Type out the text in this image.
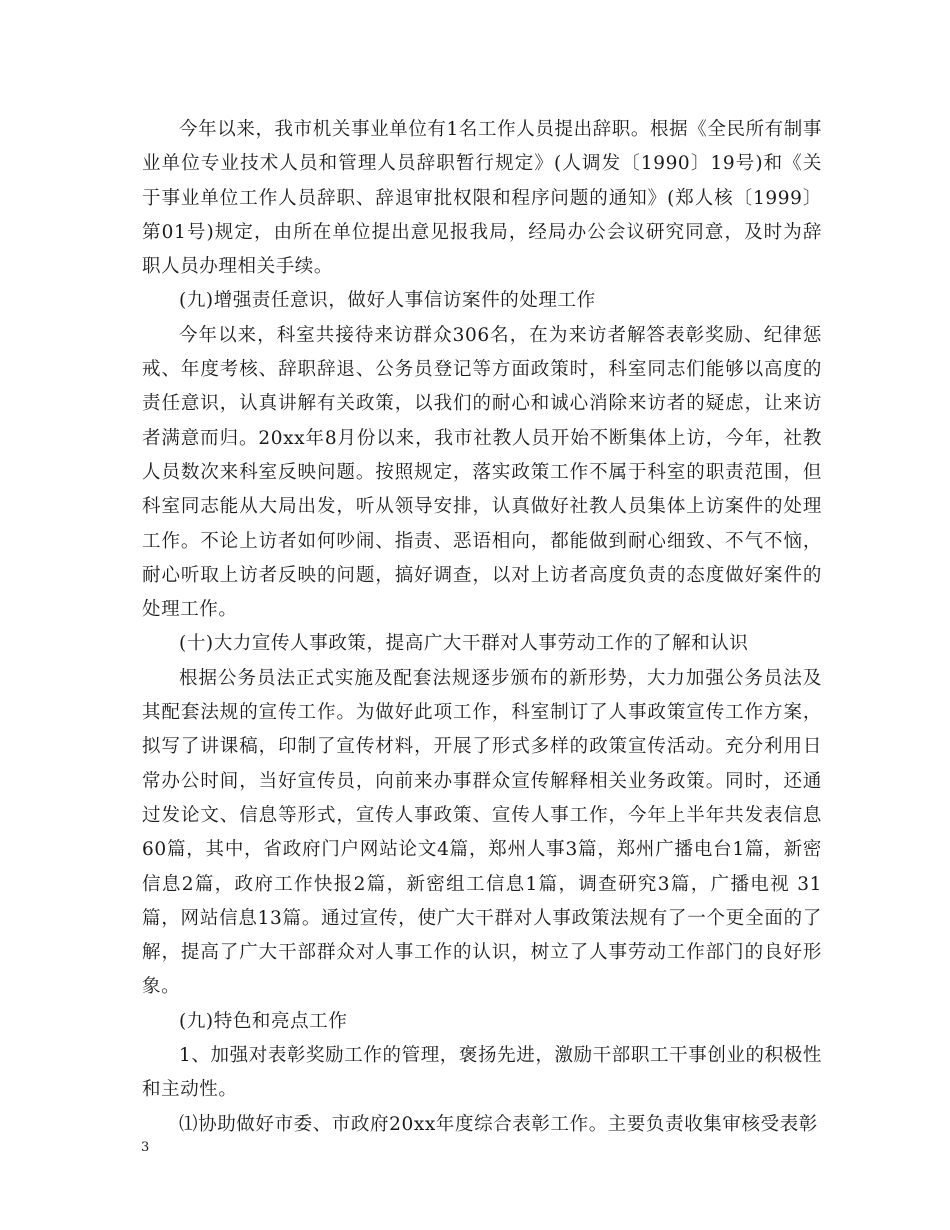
今年以来，我市机关事业单位有1名工作人员提出辞职。根据《全民所有制事业单位专业技术人员和管理人员辞职暂行规定》(人调发〔1990〕19号)和《关于事业单位工作人员辞职、辞退审批权限和程序问题的通知》(郑人核〔1999〕第01号)规定，由所在单位提出意见报我局，经局办公会议研究同意，及时为辞职人员办理相关手续。

(九)增强责任意识，做好人事信访案件的处理工作

今年以来，科室共接待来访群众306名，在为来访者解答表彰奖励、纪律惩戒、年度考核、辞职辞退、公务员登记等方面政策时，科室同志们能够以高度的责任意识，认真讲解有关政策，以我们的耐心和诚心消除来访者的疑虑，让来访者满意而归。20xx年8月份以来，我市社教人员开始不断集体上访，今年，社教人员数次来科室反映问题。按照规定，落实政策工作不属于科室的职责范围，但科室同志能从大局出发，听从领导安排，认真做好社教人员集体上访案件的处理工作。不论上访者如何吵闹、指责、恶语相向，都能做到耐心细致、不气不恼，耐心听取上访者反映的问题，搞好调查，以对上访者高度负责的态度做好案件的处理工作。

(十)大力宣传人事政策，提高广大干群对人事劳动工作的了解和认识

根据公务员法正式实施及配套法规逐步颁布的新形势，大力加强公务员法及其配套法规的宣传工作。为做好此项工作，科室制订了人事政策宣传工作方案，拟写了讲课稿，印制了宣传材料，开展了形式多样的政策宣传活动。充分利用日常办公时间，当好宣传员，向前来办事群众宣传解释相关业务政策。同时，还通过发论文、信息等形式，宣传人事政策、宣传人事工作，今年上半年共发表信息60篇，其中，省政府门户网站论文4篇，郑州人事3篇，郑州广播电台1篇，新密信息2篇，政府工作快报2篇，新密组工信息1篇，调查研究3篇，广播电视 31篇，网站信息13篇。通过宣传，使广大干群对人事政策法规有了一个更全面的了解，提高了广大干部群众对人事工作的认识，树立了人事劳动工作部门的良好形象。

(九)特色和亮点工作

1、加强对表彰奖励工作的管理，褒扬先进，激励干部职工干事创业的积极性和主动性。

⑴协助做好市委、市政府20xx年度综合表彰工作。主要负责收集审核受表彰

3
